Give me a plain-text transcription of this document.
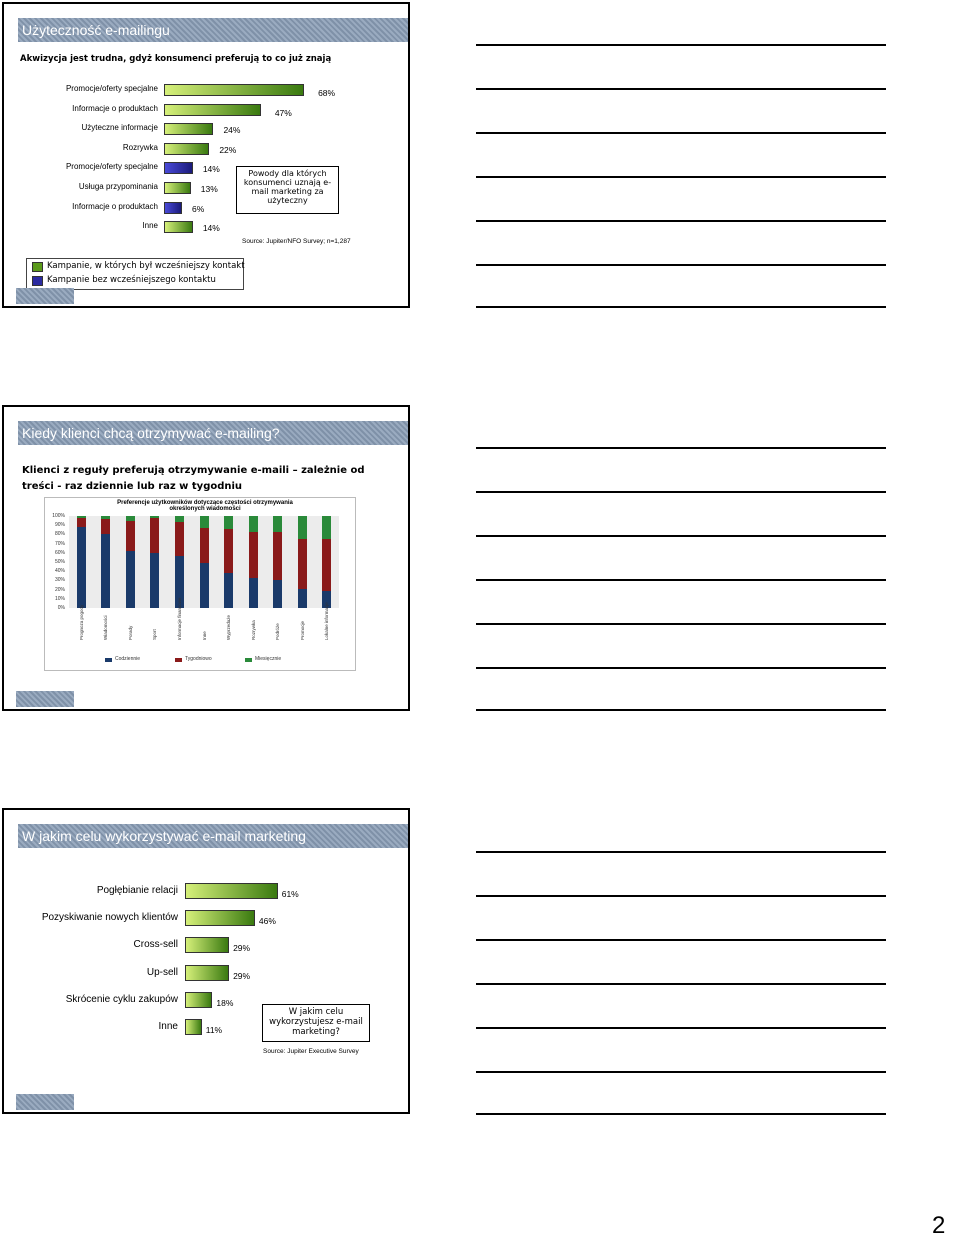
Użyteczność e-mailingu
Akwizycja jest trudna, gdyż konsumenci preferują to co już znają
Promocje/oferty specjalne	68%
Informacje o produktach	47%
Użyteczne informacje	24%
Rozrywka	22%
Promocje/oferty specjalne	14%
Usługa przypominania	13%
Informacje o produktach	6%
Inne	14%
Powody dla których konsumenci uznają e-mail marketing za użyteczny
Source: Jupiter/NFO Survey; n=1,287
Kampanie, w których był wcześniejszy kontakt
Kampanie bez wcześniejszego kontaktu
Kiedy klienci chcą otrzymywać e-mailing?
Klienci z reguły preferują otrzymywanie e-maili – zależnie od treści - raz dziennie lub raz w tygodniu
Preferencje użytkowników dotyczące częstości otrzymywania określonych wiadomości
100%
90%
80%
70%
60%
50%
40%
30%
20%
10%
0%	Prognoza pogody	Wiadomości	Porady	Sport	Informacje finansowe	Inne	Wyprzedaże	Rozrywka	Podróże	Promocje	Lokalne informacje
Codziennie	Tygodniowo	Miesięcznie
W jakim celu wykorzystywać e-mail marketing
Pogłębianie relacji	61%
Pozyskiwanie nowych klientów	46%
Cross-sell	29%
Up-sell	29%
Skrócenie cyklu zakupów	18%
Inne	11%
W jakim celu wykorzystujesz e-mail marketing?
Source: Jupiter Executive Survey
2
